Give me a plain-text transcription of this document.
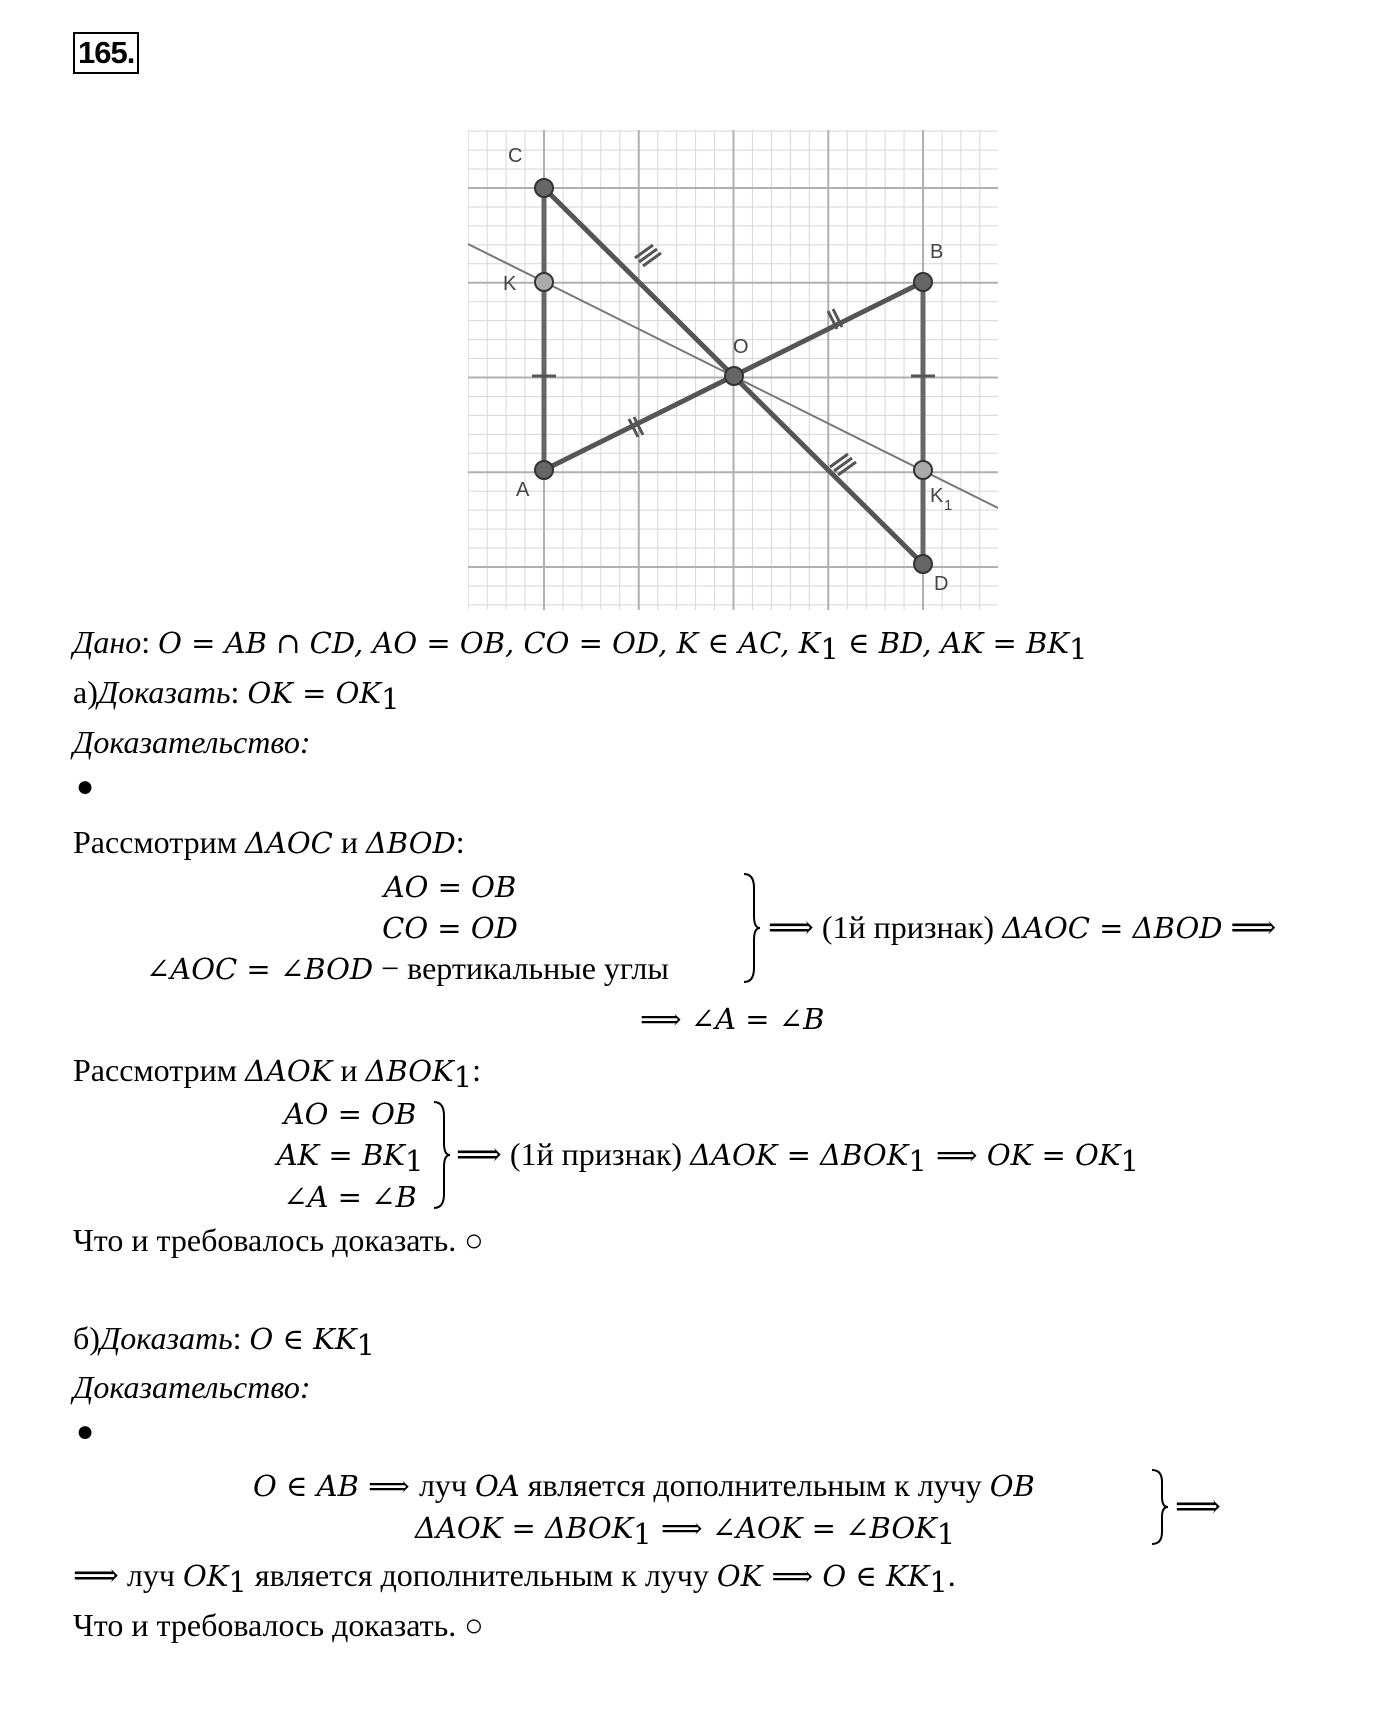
165.
C
K
A
O
B
K 1
D
Дано: O = AB ∩ CD, AO = OB, CO = OD, K ∈ AC, $K_1$ ∈ BD, AK = $BK_1$
а)Доказать: OK = $OK_1$
Доказательство:
●
Рассмотрим ΔAOC и ΔBOD:
AO = OB
CO = OD
∠AOC = ∠BOD − вертикальные углы
⟹ (1й признак) ΔAOC = ΔBOD ⟹
⟹ ∠A = ∠B
Рассмотрим ΔAOK и $\Delta BOK_1$:
AO = OB
AK = $BK_1$
∠A = ∠B
⟹ (1й признак) $\Delta AOK = \Delta BOK_1$ ⟹ OK = $OK_1$
Что и требовалось доказать. ○
б)Доказать: O ∈ $KK_1$
Доказательство:
●
O ∈ AB ⟹ луч OA является дополнительным к лучу OB
$\Delta AOK = \Delta BOK_1$ ⟹ ∠AOK = $\angle BOK_1$
⟹
⟹ луч $OK_1$ является дополнительным к лучу OK ⟹ O ∈ $KK_1$.
Что и требовалось доказать. ○
